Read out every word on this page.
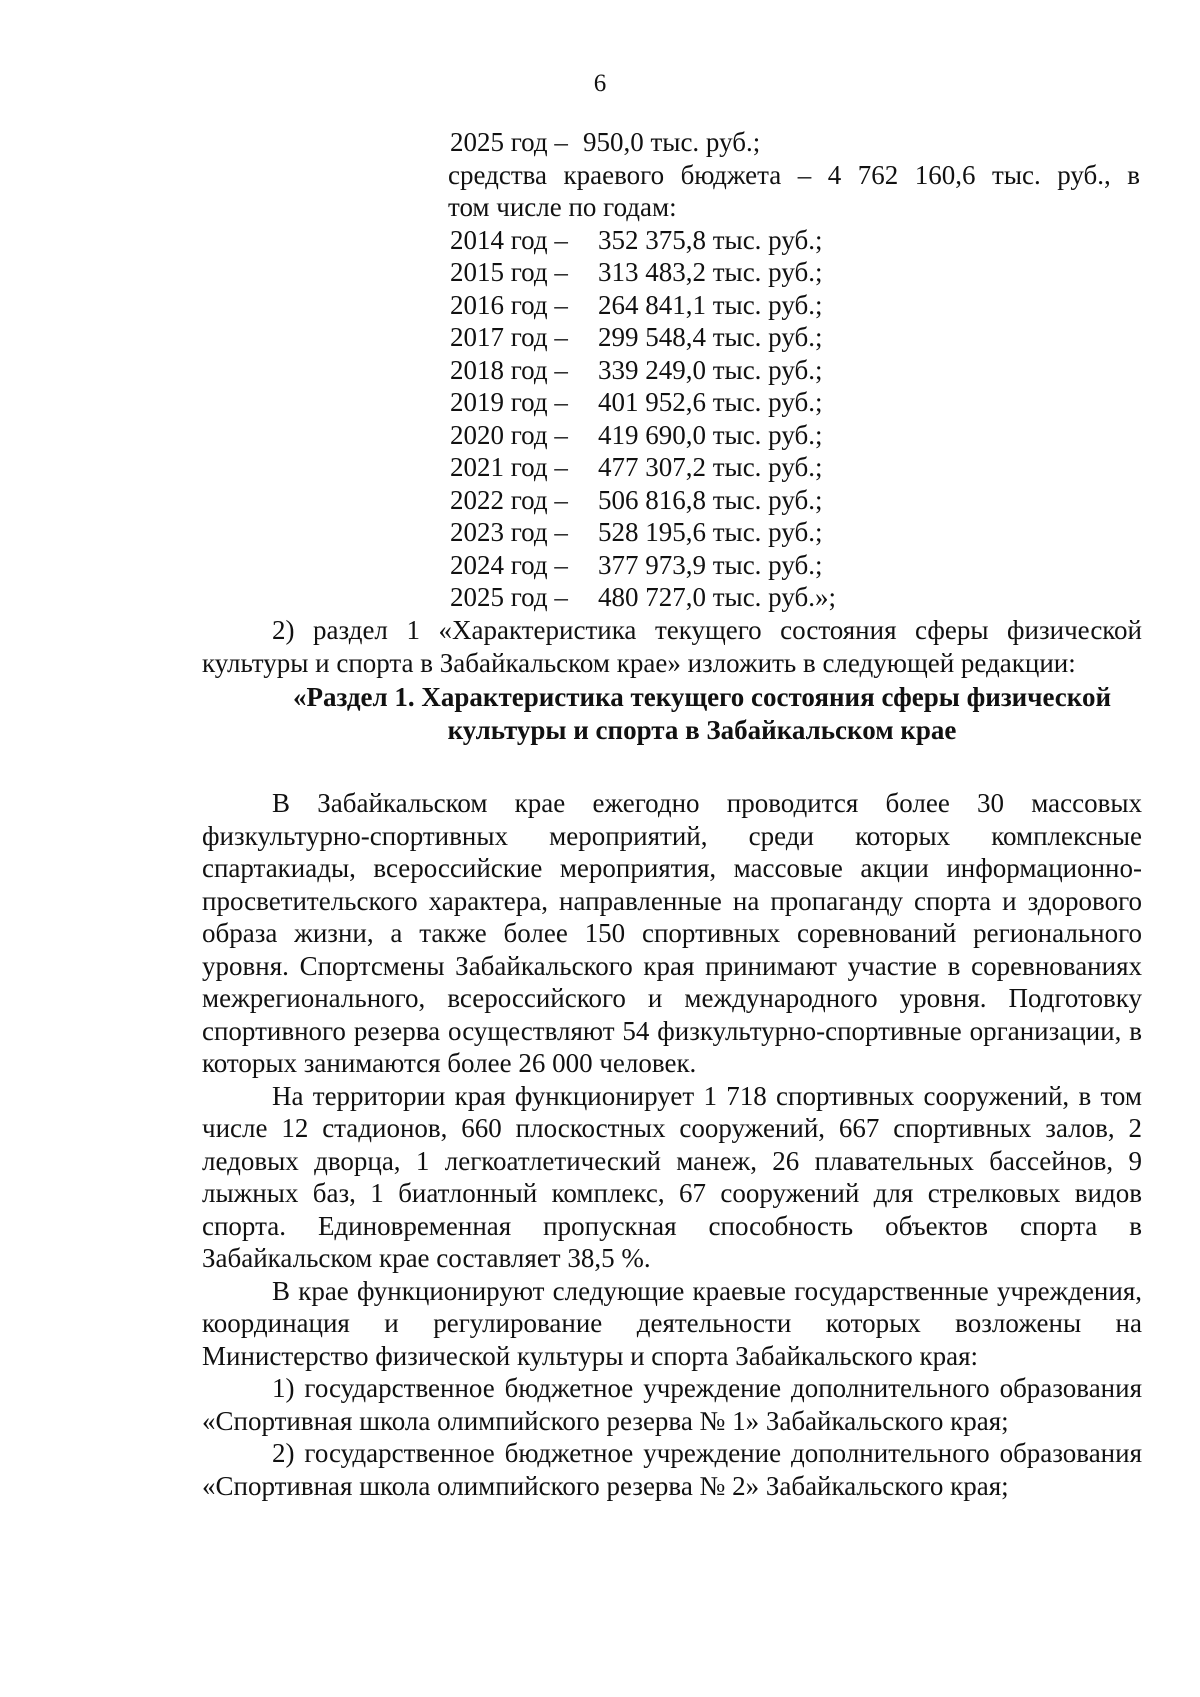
6
2025 год – 950,0 тыс. руб.;
средства краевого бюджета – 4 762 160,6 тыс. руб., в
том числе по годам:
2014 год –	352 375,8 тыс. руб.;
2015 год –	313 483,2 тыс. руб.;
2016 год –	264 841,1 тыс. руб.;
2017 год –	299 548,4 тыс. руб.;
2018 год –	339 249,0 тыс. руб.;
2019 год –	401 952,6 тыс. руб.;
2020 год –	419 690,0 тыс. руб.;
2021 год –	477 307,2 тыс. руб.;
2022 год –	506 816,8 тыс. руб.;
2023 год –	528 195,6 тыс. руб.;
2024 год –	377 973,9 тыс. руб.;
2025 год –	480 727,0 тыс. руб.»;

2) раздел 1 «Характеристика текущего состояния сферы физической культуры и спорта в Забайкальском крае» изложить в следующей редакции:

«Раздел 1. Характеристика текущего состояния сферы физической

культуры и спорта в Забайкальском крае

В Забайкальском крае ежегодно проводится более 30 массовых физкультурно-спортивных мероприятий, среди которых комплексные спартакиады, всероссийские мероприятия, массовые акции информационно-просветительского характера, направленные на пропаганду спорта и здорового образа жизни, а также более 150 спортивных соревнований регионального уровня. Спортсмены Забайкальского края принимают участие в соревнованиях межрегионального, всероссийского и международного уровня. Подготовку спортивного резерва осуществляют 54 физкультурно-спортивные организации, в которых занимаются более 26 000 человек.

На территории края функционирует 1 718 спортивных сооружений, в том числе 12 стадионов, 660 плоскостных сооружений, 667 спортивных залов, 2 ледовых дворца, 1 легкоатлетический манеж, 26 плавательных бассейнов, 9 лыжных баз, 1 биатлонный комплекс, 67 сооружений для стрелковых видов спорта. Единовременная пропускная способность объектов спорта в Забайкальском крае составляет 38,5 %.

В крае функционируют следующие краевые государственные учреждения, координация и регулирование деятельности которых возложены на Министерство физической культуры и спорта Забайкальского края:

1) государственное бюджетное учреждение дополнительного образования «Спортивная школа олимпийского резерва № 1» Забайкальского края;

2) государственное бюджетное учреждение дополнительного образования «Спортивная школа олимпийского резерва № 2» Забайкальского края;
